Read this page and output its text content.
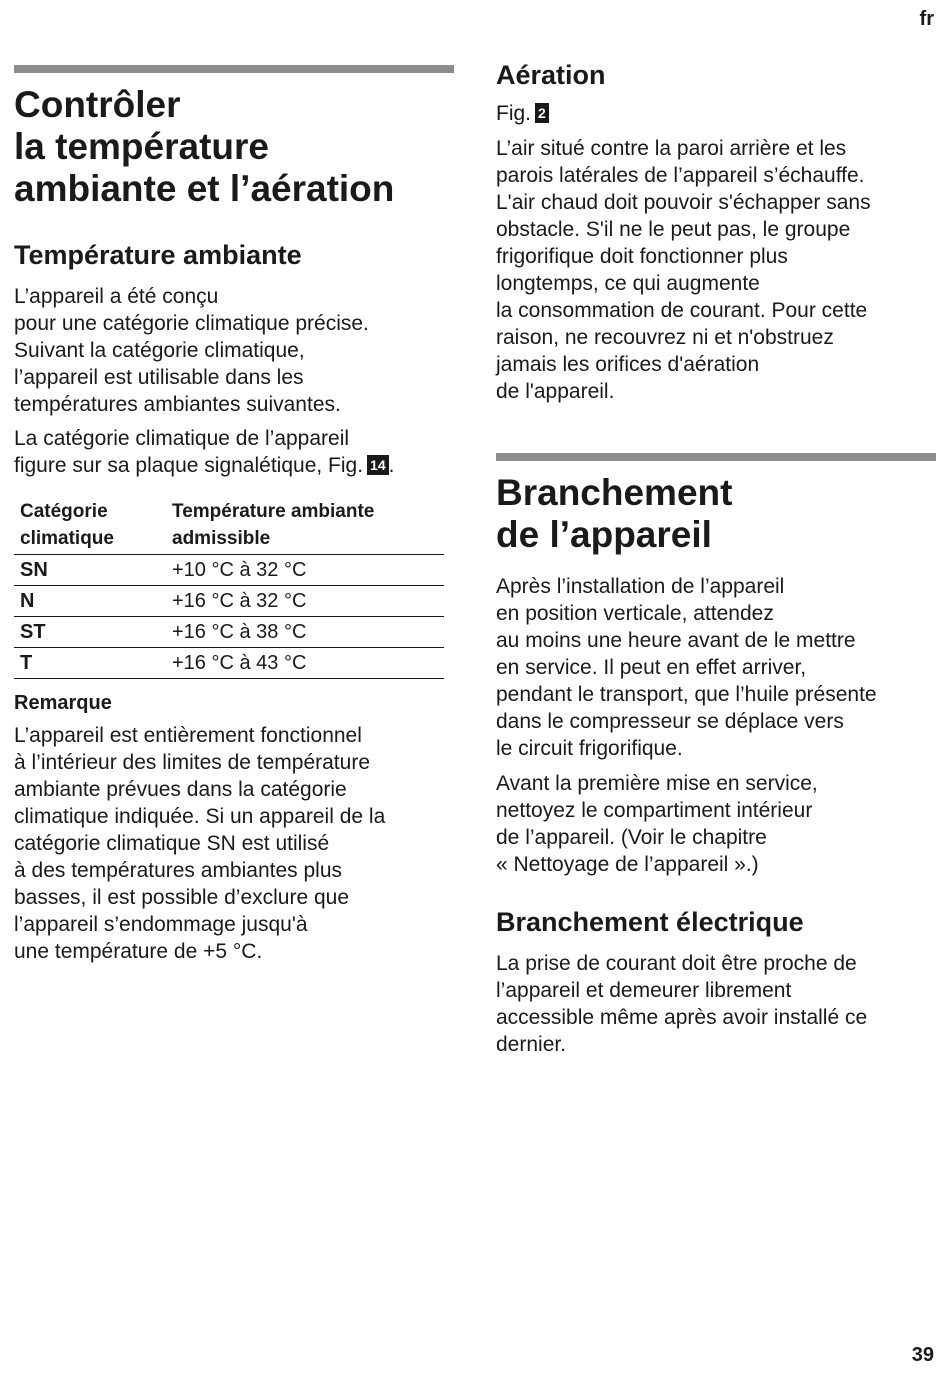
fr
Contrôler
la température
ambiante et l’aération
Température ambiante

L’appareil a été conçu
pour une catégorie climatique précise.
Suivant la catégorie climatique,
l’appareil est utilisable dans les
températures ambiantes suivantes.

La catégorie climatique de l’appareil
figure sur sa plaque signalétique, Fig. 14 .

Catégorie
climatique	Température ambiante
admissible
SN	+10 °C à 32 °C
N	+16 °C à 32 °C
ST	+16 °C à 38 °C
T	+16 °C à 43 °C
Remarque

L’appareil est entièrement fonctionnel
à l’intérieur des limites de température
ambiante prévues dans la catégorie
climatique indiquée. Si un appareil de la
catégorie climatique SN est utilisé
à des températures ambiantes plus
basses, il est possible d’exclure que
l’appareil s’endommage jusqu'à
une température de +5 °C.

Aération

Fig. 2

L’air situé contre la paroi arrière et les
parois latérales de l’appareil s’échauffe.
L'air chaud doit pouvoir s'échapper sans
obstacle. S'il ne le peut pas, le groupe
frigorifique doit fonctionner plus
longtemps, ce qui augmente
la consommation de courant. Pour cette
raison, ne recouvrez ni et n'obstruez
jamais les orifices d'aération
de l'appareil.

Branchement
de l’appareil

Après l’installation de l’appareil
en position verticale, attendez
au moins une heure avant de le mettre
en service. Il peut en effet arriver,
pendant le transport, que l’huile présente
dans le compresseur se déplace vers
le circuit frigorifique.

Avant la première mise en service,
nettoyez le compartiment intérieur
de l’appareil. (Voir le chapitre
« Nettoyage de l’appareil ».)

Branchement électrique

La prise de courant doit être proche de
l’appareil et demeurer librement
accessible même après avoir installé ce
dernier.

39
